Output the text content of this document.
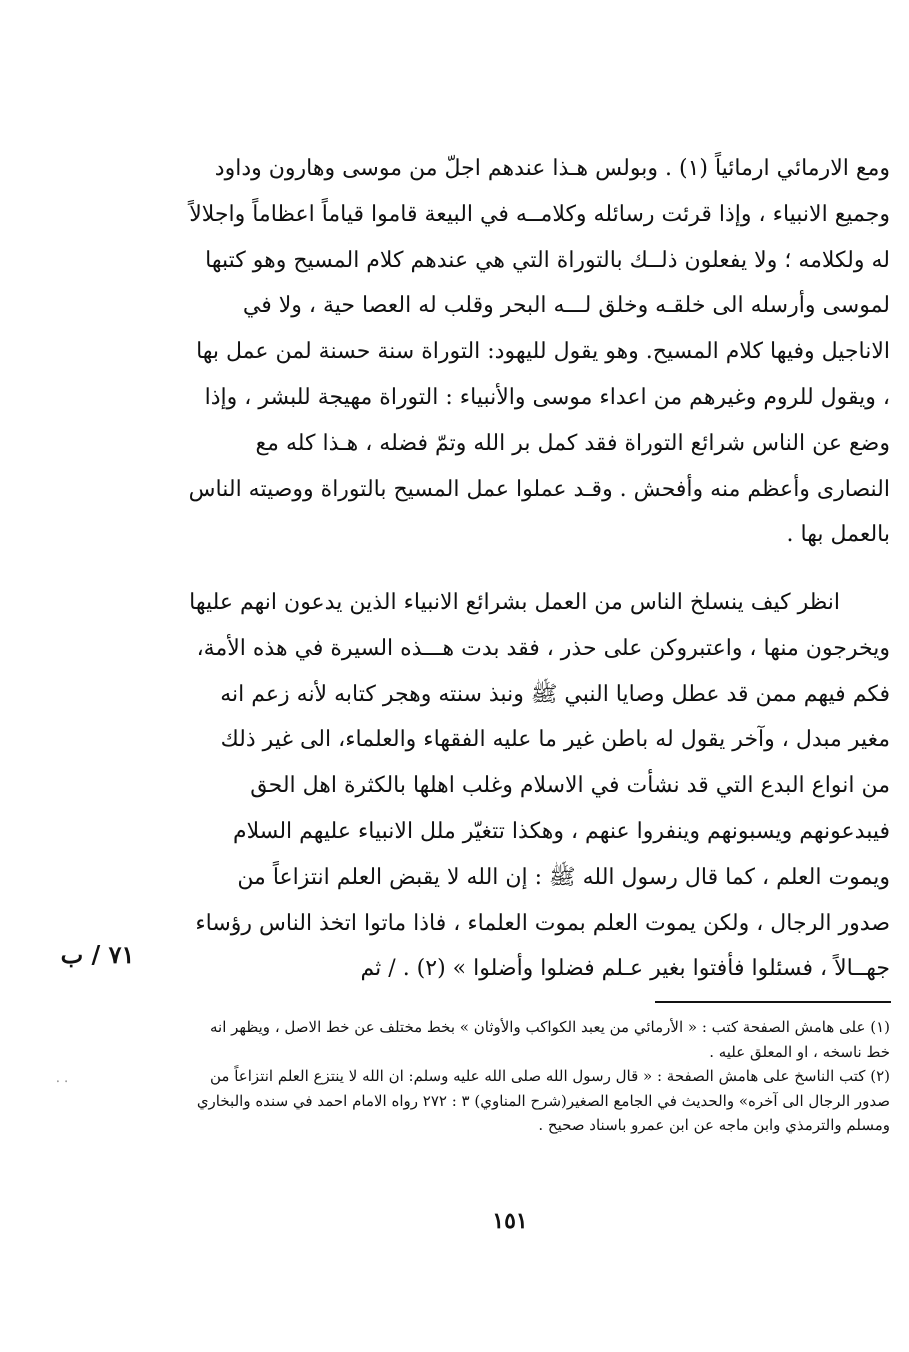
ومع الارمائي ارمائياً (١) . وبولس هـذا عندهم اجلّ من موسى وهارون وداود وجميع الانبياء ، وإذا قرئت رسائله وكلامــه في البيعة قاموا قياماً اعظاماً واجلالاً له ولكلامه ؛ ولا يفعلون ذلــك بالتوراة التي هي عندهم كلام المسيح وهو كتبها لموسى وأرسله الى خلقـه وخلق لـــه البحر وقلب له العصا حية ، ولا في الاناجيل وفيها كلام المسيح. وهو يقول لليهود: التوراة سنة حسنة لمن عمل بها ، ويقول للروم وغيرهم من اعداء موسى والأنبياء : التوراة مهيجة للبشر ، وإذا وضع عن الناس شرائع التوراة فقد كمل بر الله وتمّ فضله ، هـذا كله مع النصارى وأعظم منه وأفحش . وقـد عملوا عمل المسيح بالتوراة ووصيته الناس بالعمل بها .

انظر كيف ينسلخ الناس من العمل بشرائع الانبياء الذين يدعون انهم عليها ويخرجون منها ، واعتبروكن على حذر ، فقد بدت هـــذه السيرة في هذه الأمة، فكم فيهم ممن قد عطل وصايا النبي ﷺ ونبذ سنته وهجر كتابه لأنه زعم انه مغير مبدل ، وآخر يقول له باطن غير ما عليه الفقهاء والعلماء، الى غير ذلك من انواع البدع التي قد نشأت في الاسلام وغلب اهلها بالكثرة اهل الحق فيبدعونهم ويسبونهم وينفروا عنهم ، وهكذا تتغيّر ملل الانبياء عليهم السلام ويموت العلم ، كما قال رسول الله ﷺ : إن الله لا يقبض العلم انتزاعاً من صدور الرجال ، ولكن يموت العلم بموت العلماء ، فاذا ماتوا اتخذ الناس رؤساء جهــالاً ، فسئلوا فأفتوا بغير عـلم فضلوا وأضلوا » (٢) . / ثم

٧١ / ب

(١) على هامش الصفحة كتب : « الأرمائي من يعبد الكواكب والأوثان » بخط مختلف عن خط الاصل ، ويظهر انه خط ناسخه ، او المعلق عليه .

(٢) كتب الناسخ على هامش الصفحة : « قال رسول الله صلى الله عليه وسلم: ان الله لا ينتزع العلم انتزاعاً من صدور الرجال الى آخره» والحديث في الجامع الصغير(شرح المناوي) ٣ : ٢٧٢ رواه الامام احمد في سنده والبخاري ومسلم والترمذي وابن ماجه عن ابن عمرو باسناد صحيح .

⸱ ⸱
١٥١
